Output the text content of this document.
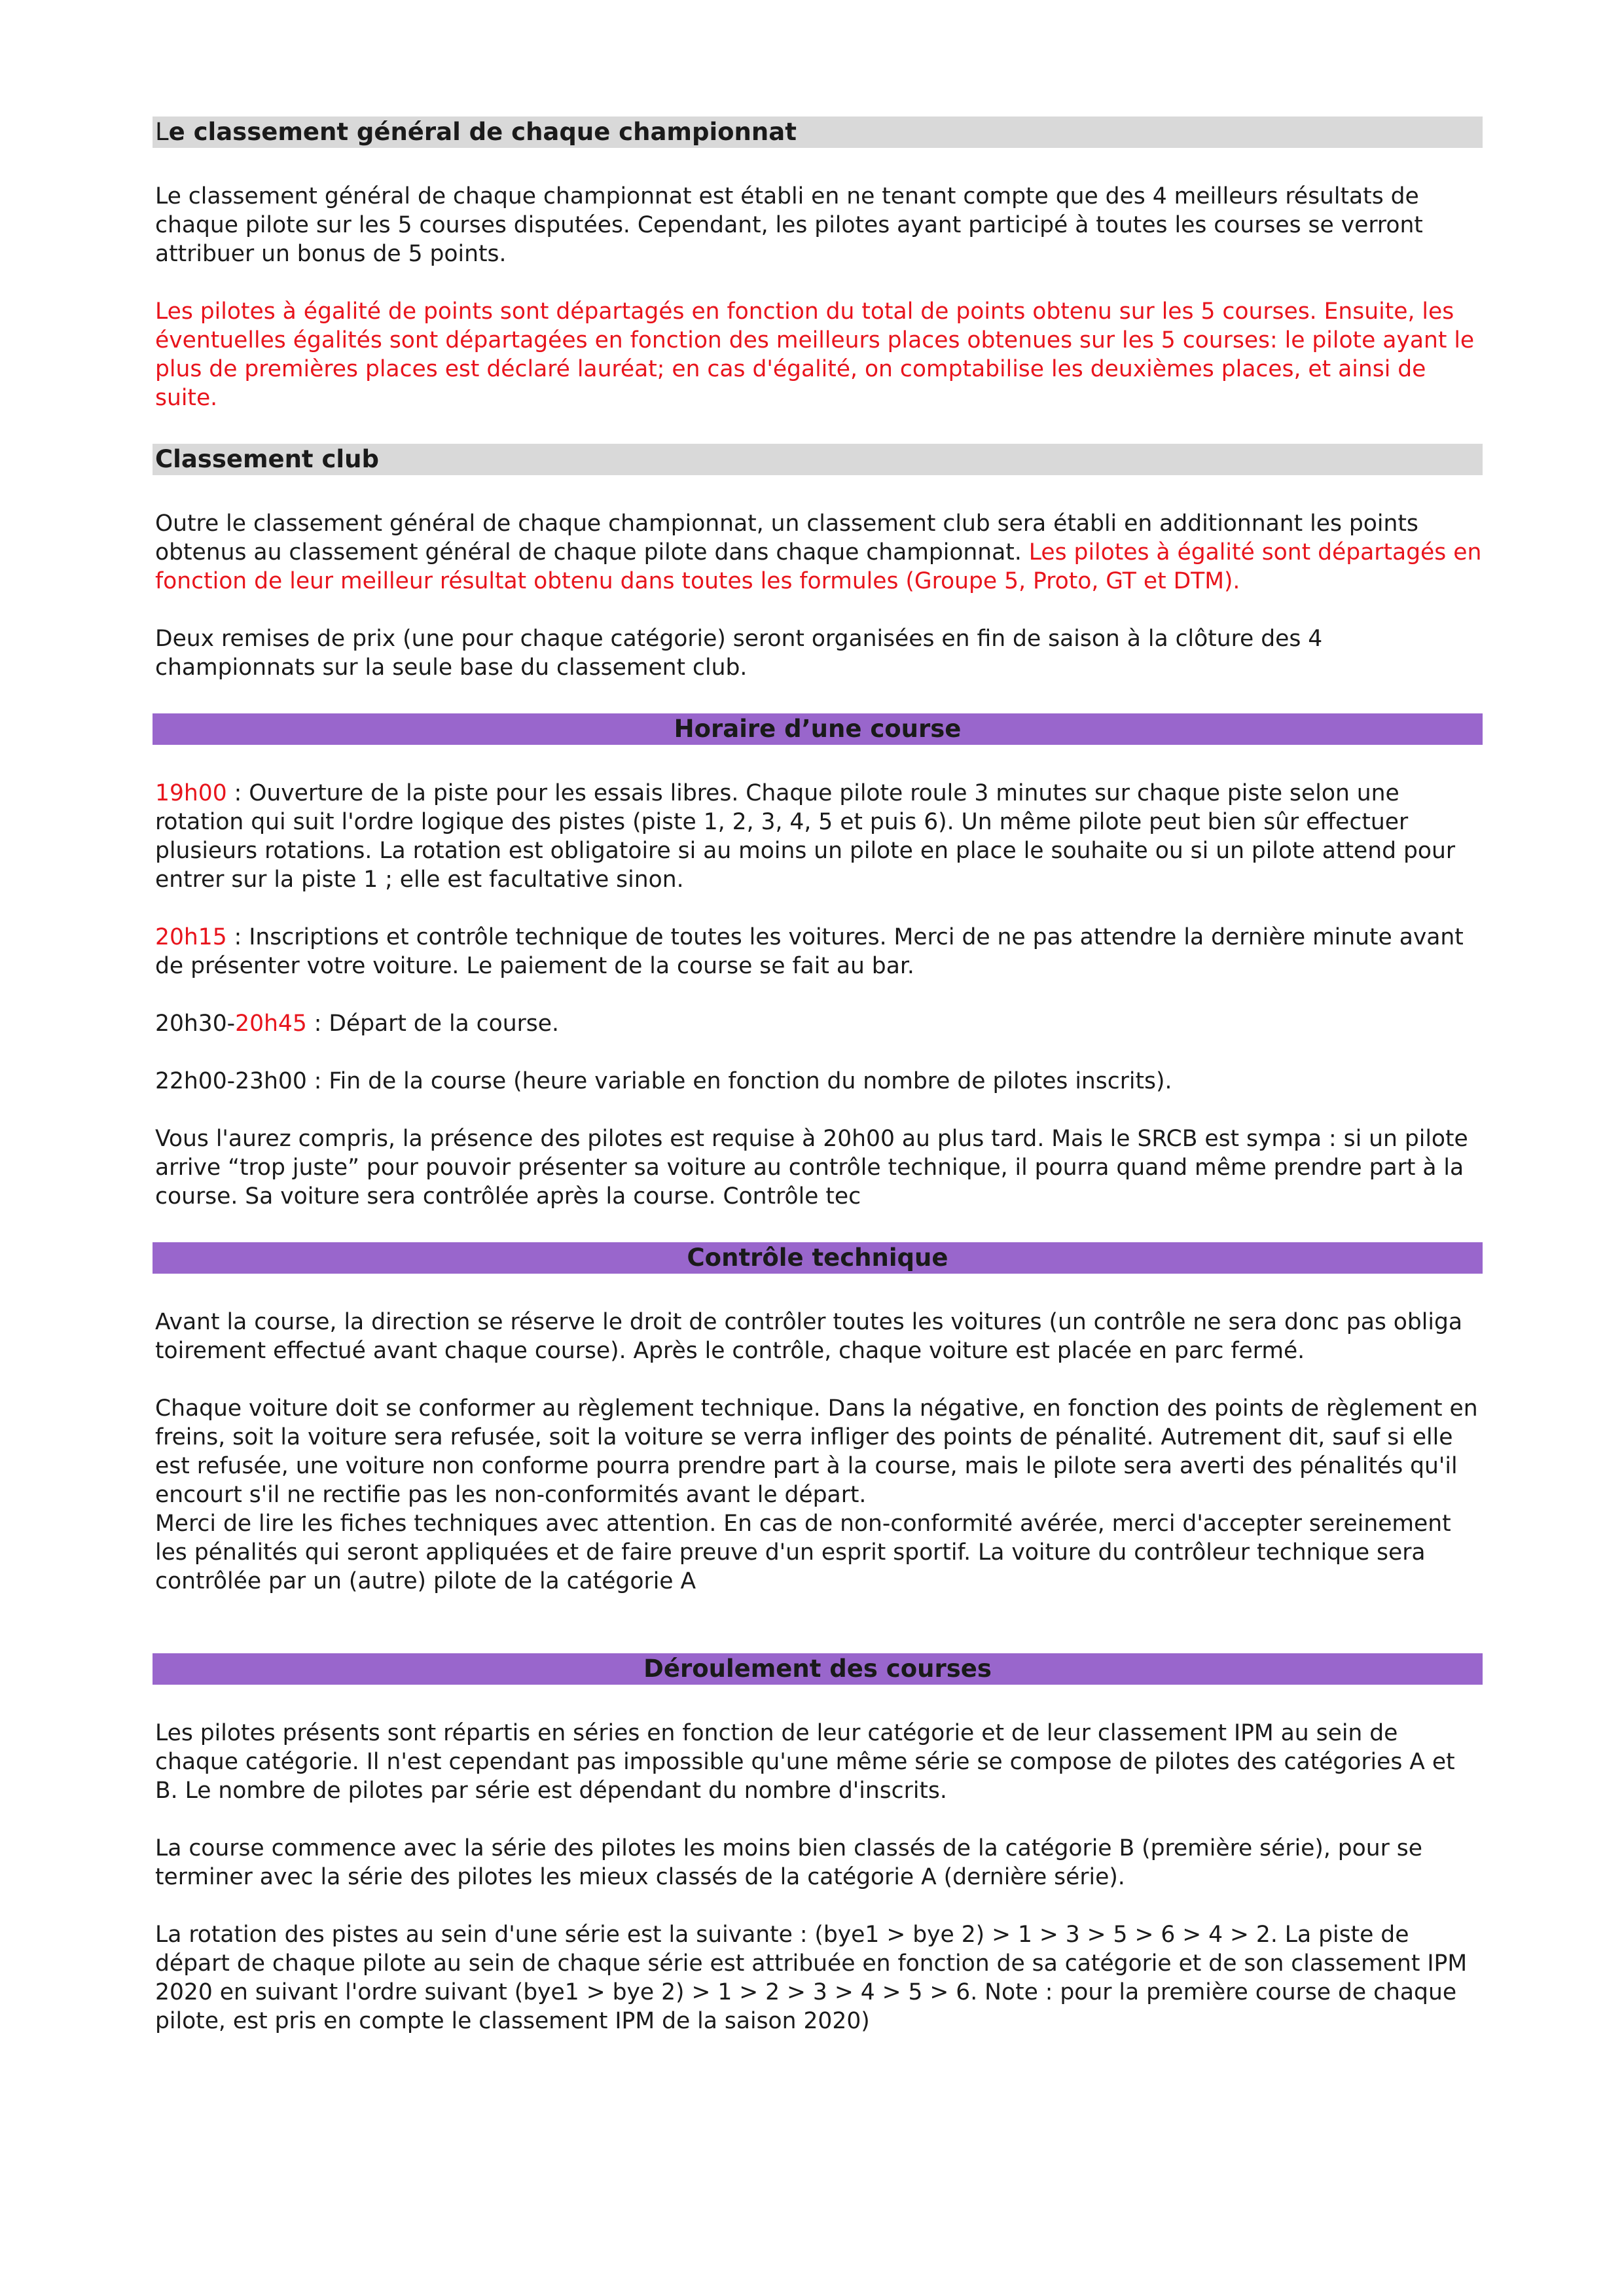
Le classement général de chaque championnat

Le classement général de chaque championnat est établi en ne tenant compte que des 4 meilleurs résultats de chaque pilote sur les 5 courses disputées. Cependant, les pilotes ayant participé à toutes les courses se verront attribuer un bonus de 5 points.

Les pilotes à égalité de points sont départagés en fonction du total de points obtenu sur les 5 courses. Ensuite, les éventuelles égalités sont départagées en fonction des meilleurs places obtenues sur les 5 courses: le pilote ayant le plus de premières places est déclaré lauréat; en cas d'égalité, on comptabilise les deuxièmes places, et ainsi de suite.

Classement club

Outre le classement général de chaque championnat, un classement club sera établi en additionnant les points obtenus au classement général de chaque pilote dans chaque championnat. Les pilotes à égalité sont départagés en fonction de leur meilleur résultat obtenu dans toutes les formules (Groupe 5, Proto, GT et DTM).

Deux remises de prix (une pour chaque catégorie) seront organisées en fin de saison à la clôture des 4 championnats sur la seule base du classement club.

Horaire d’une course

19h00 : Ouverture de la piste pour les essais libres. Chaque pilote roule 3 minutes sur chaque piste selon une rotation qui suit l'ordre logique des pistes (piste 1, 2, 3, 4, 5 et puis 6). Un même pilote peut bien sûr effectuer plusieurs rotations. La rotation est obligatoire si au moins un pilote en place le souhaite ou si un pilote attend pour entrer sur la piste 1 ; elle est facultative sinon.

20h15 : Inscriptions et contrôle technique de toutes les voitures. Merci de ne pas attendre la dernière minute avant de présenter votre voiture. Le paiement de la course se fait au bar.

20h30-20h45 : Départ de la course.

22h00-23h00 : Fin de la course (heure variable en fonction du nombre de pilotes inscrits).

Vous l'aurez compris, la présence des pilotes est requise à 20h00 au plus tard. Mais le SRCB est sympa : si un pilote arrive “trop juste” pour pouvoir présenter sa voiture au contrôle technique, il pourra quand même prendre part à la course. Sa voiture sera contrôlée après la course. Contrôle tec

Contrôle technique

Avant la course, la direction se réserve le droit de contrôler toutes les voitures (un contrôle ne sera donc pas obliga toirement effectué avant chaque course). Après le contrôle, chaque voiture est placée en parc fermé.

Chaque voiture doit se conformer au règlement technique. Dans la négative, en fonction des points de règlement en freins, soit la voiture sera refusée, soit la voiture se verra infliger des points de pénalité. Autrement dit, sauf si elle est refusée, une voiture non conforme pourra prendre part à la course, mais le pilote sera averti des pénalités qu'il encourt s'il ne rectifie pas les non-conformités avant le départ.

Merci de lire les fiches techniques avec attention. En cas de non-conformité avérée, merci d'accepter sereinement les pénalités qui seront appliquées et de faire preuve d'un esprit sportif. La voiture du contrôleur technique sera contrôlée par un (autre) pilote de la catégorie A

Déroulement des courses

Les pilotes présents sont répartis en séries en fonction de leur catégorie et de leur classement IPM au sein de chaque catégorie. Il n'est cependant pas impossible qu'une même série se compose de pilotes des catégories A et B. Le nombre de pilotes par série est dépendant du nombre d'inscrits.

La course commence avec la série des pilotes les moins bien classés de la catégorie B (première série), pour se terminer avec la série des pilotes les mieux classés de la catégorie A (dernière série).

La rotation des pistes au sein d'une série est la suivante : (bye1 > bye 2) > 1 > 3 > 5 > 6 > 4 > 2. La piste de départ de chaque pilote au sein de chaque série est attribuée en fonction de sa catégorie et de son classement IPM 2020 en suivant l'ordre suivant (bye1 > bye 2) > 1 > 2 > 3 > 4 > 5 > 6. Note : pour la première course de chaque pilote, est pris en compte le classement IPM de la saison 2020)
